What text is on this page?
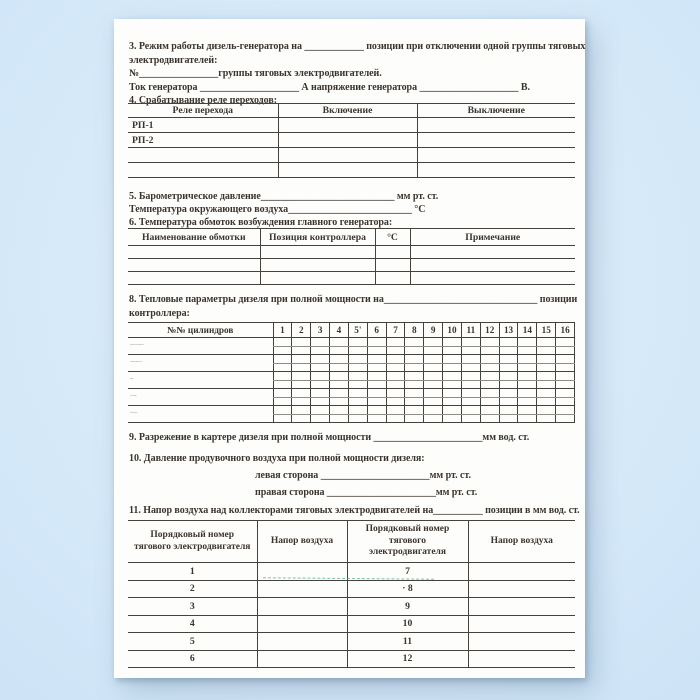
3. Режим работы дизель-генератора на ____________ позиции при отключении одной группы тяговых
электродвигателей:
№________________группы тяговых электродвигателей.
Ток генератора ____________________ А напряжение генератора ____________________ В.
4. Срабатывание реле переходов:
Реле перехода	Включение	Выключение
РП-1		
РП-2		

5. Барометрическое давление___________________________ мм рт. ст.
Температура окружающего воздуха_________________________ °С
6. Температура обмоток возбуждения главного генератора:
Наименование обмотки	Позиция контроллера	°С	Примечание

8. Тепловые параметры дизеля при полной мощности на_______________________________ позиции
контроллера:
№№ цилиндров	1	2	3	4	5'	6	7	8	9	10	11	12	13	14	15	16
Температура по цилиндрам. °С																

Давление сгорания. кгс/см																

Общее																

Левая сторона																

Правая сторона																

9. Разрежение в картере дизеля при полной мощности ______________________мм вод. ст.
10. Давление продувочного воздуха при полной мощности дизеля:
левая сторона ______________________мм рт. ст.
правая сторона ______________________мм рт. ст.
11. Напор воздуха над коллекторами тяговых электродвигателей на__________ позиции в мм вод. ст.
Порядковый номер тягового электродвигателя	Напор воздуха	Порядковый номер тягового электродвигателя	Напор воздуха
1		7	
2		· 8	
3		9	
4		10	
5		11	
6		12	
